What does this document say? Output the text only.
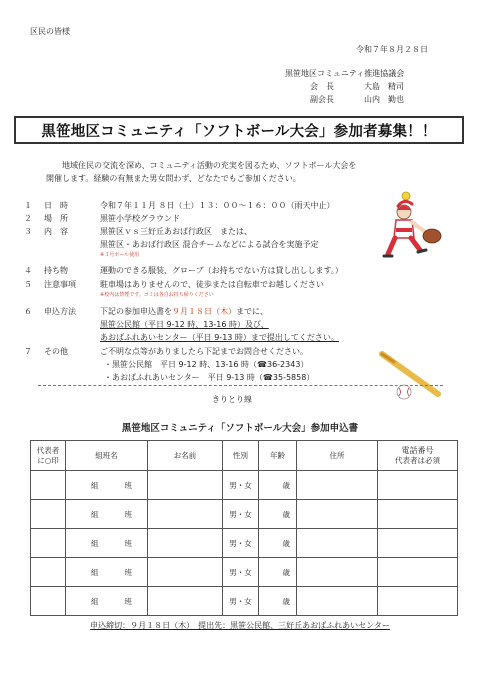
区民の皆様
令和７年８月２８日
黒笹地区コミュニティ推進協議会
会　長	大島　精司
副会長	山内　勤也
黒笹地区コミュニティ「ソフトボール大会」参加者募集！！
地域住民の交流を深め、コミュニティ活動の充実を図るため、ソフトボール大会を
開催します。経験の有無また男女問わず、どなたでもご参加ください。
１ 日　時	令和７年１１月 ８日（土）１３：００～１６：００（雨天中止）
２ 場　所	黒笹小学校グラウンド
３ 内　容	黒笹区ｖｓ三好丘あおば行政区　または、
黒笹区・あおば行政区 混合チームなどによる試合を実施予定
※３号ボール使用
４ 持ち物	運動のできる服装、グローブ（お持ちでない方は貸し出しします。）
５ 注意事項	駐車場はありませんので、徒歩または自転車でお越しください
※校内は禁煙です。ゴミは各自お持ち帰りください
６ 申込方法	下記の参加申込書を９月１８日（木）までに、
黒笹公民館（平日 9-12 時、13-16 時）及び、
あおばふれあいセンター（平日 9-13 時）まで提出してください。
７ その他	ご不明な点等がありましたら下記までお問合せください。
・黒笹公民館　平日 9-12 時、13-16 時（☎36-2343）
・あおばふれあいセンター　平日 9-13 時（☎35-5858）
きりとり線
黒笹地区コミュニティ「ソフトボール大会」参加申込書
代表者に○印	組班名	お名前	性別	年齢	住所	電話番号
代表者は必須

	組 班		男・女	歳		
	組 班		男・女	歳		
	組 班		男・女	歳		
	組 班		男・女	歳		
	組 班		男・女	歳		
申込締切：９月１８日（木）　提出先：黒笹公民館、三好丘あおばふれあいセンター
